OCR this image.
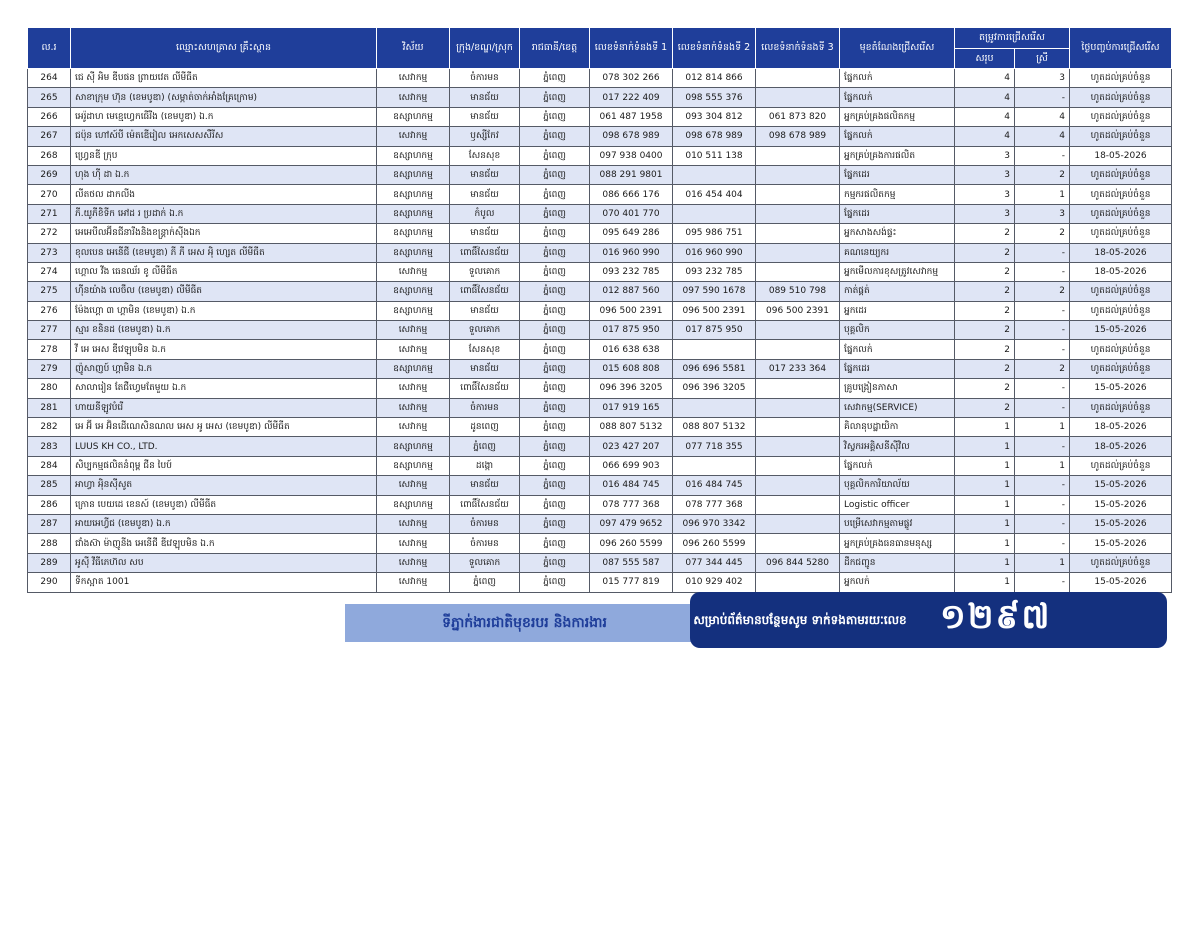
ល.រ	ឈ្មោះសហគ្រាស គ្រឹះស្ថាន	វិស័យ	ក្រុង/ខណ្ឌ/ស្រុក	រាជធានី/ខេត្ត	លេខទំនាក់ទំនងទី 1	លេខទំនាក់ទំនងទី 2	លេខទំនាក់ទំនងទី 3	មុខតំណែងជ្រើសរើស	តម្រូវការជ្រើសរើស		ថ្ងៃបញ្ចប់ការជ្រើសរើស
									សរុប	ស្រី	
264	ជេ ស៊ី អិម ឌីបផន ព្រាយវេត លីមីធីត	សេវាកម្ម	ចំការមន	ភ្នំពេញ	078 302 266	012 814 866		ផ្នែកលក់	4	3	ហូតដល់គ្រប់ចំនួន
265	សាខាក្រុម ហ៊ុន (ខេមបូឌា) (សម្ភាត់ចាក់អាំងគ្រែក្រោម)	សេវាកម្ម	មានជ័យ	ភ្នំពេញ	017 222 409	098 555 376		ផ្នែកលក់	4	-	ហូតដល់គ្រប់ចំនួន
266	អេរ៉ូដាហ មេខ្មេហ្វេកធើរីង (ខេមបូឌា) ឯ.ក	ឧស្សាហកម្ម	មានជ័យ	ភ្នំពេញ	061 487 1958	093 304 812	061 873 820	អ្នកគ្រប់គ្រងផលិតកម្ម	4	4	ហូតដល់គ្រប់ចំនួន
267	ជប៉ុន ហៅស៍បី ម៉េតឌើរៀល អេកសេសសឺរីស	សេវាកម្ម	ឫស្សីកែវ	ភ្នំពេញ	098 678 989	098 678 989	098 678 989	ផ្នែកលក់	4	4	ហូតដល់គ្រប់ចំនួន
268	ហ្វ្រេនឌី ក្រុប	ឧស្សាហកម្ម	សែនសុខ	ភ្នំពេញ	097 938 0400	010 511 138		អ្នកគ្រប់គ្រងការផលិត	3	-	18-05-2026
269	ហុង ហ៊ី ដា ឯ.ក	ឧស្សាហកម្ម	មានជ័យ	ភ្នំពេញ	088 291 9801			ផ្នែកដេរ	3	2	ហូតដល់គ្រប់ចំនួន
270	លីតថល ដាកលីង	ឧស្សាហកម្ម	មានជ័យ	ភ្នំពេញ	086 666 176	016 454 404		កម្មករផលិតកម្ម	3	1	ហូតដល់គ្រប់ចំនួន
271	ភី.យូភីខិទីក អៅដ រ ប្រដាក់ ឯ.ក	ឧស្សាហកម្ម	កំបូល	ភ្នំពេញ	070 401 770			ផ្នែកដេរ	3	3	ហូតដល់គ្រប់ចំនួន
272	អេអេបីលអ៊ីនជីនារីងនិងខន្ត្រាក់ស៊ីងឯក	ឧស្សាហកម្ម	មានជ័យ	ភ្នំពេញ	095 649 286	095 986 751		អ្នកសាងសង់ផ្ទះ	2	2	ហូតដល់គ្រប់ចំនួន
273	ខុលបេន អេនើជី (ខេមបូឌា) ភី ភី អេស អុិ ហ្សេត លីមីធីត	ឧស្សាហកម្ម	ពោធិ៍សែនជ័យ	ភ្នំពេញ	016 960 990	016 960 990		គណនេយ្យករ	2	-	18-05-2026
274	ហ្គោល វីង ធេនឈ័រ ខូ លីមីធីត	សេវាកម្ម	ទួលគោក	ភ្នំពេញ	093 232 785	093 232 785		អ្នកមើលការខុសត្រូវសេវាកម្ម	2	-	18-05-2026
275	ហ៊ីនយ៉ាង លេចឹល (ខេមបូឌា) លីមីធីត	ឧស្សាហកម្ម	ពោធិ៍សែនជ័យ	ភ្នំពេញ	012 887 560	097 590 1678	089 510 798	កាត់ផ្គត់	2	2	ហូតដល់គ្រប់ចំនួន
276	ម៉ែងហ្គោ ៣ ហ្គាមិន (ខេមបូឌា) ឯ.ក	ឧស្សាហកម្ម	មានជ័យ	ភ្នំពេញ	096 500 2391	096 500 2391	096 500 2391	អ្នកដេរ	2	-	ហូតដល់គ្រប់ចំនួន
277	ស្មារ ខនិនដ (ខេមបូឌា) ឯ.ក	សេវាកម្ម	ទួលគោក	ភ្នំពេញ	017 875 950	017 875 950		បុគ្គលិក	2	-	15-05-2026
278	វី អេ អេស ឌីវេឡុបមិន ឯ.ក	សេវាកម្ម	សែនសុខ	ភ្នំពេញ	016 638 638			ផ្នែកលក់	2	-	ហូតដល់គ្រប់ចំនួន
279	ញ៉ូសាញប៍ ហ្គាមិន ឯ.ក	ឧស្សាហកម្ម	មានជ័យ	ភ្នំពេញ	015 608 808	096 696 5581	017 233 364	ផ្នែកដេរ	2	2	ហូតដល់គ្រប់ចំនួន
280	សាលារៀន តែជឺហ្វេមតែមួយ ឯ.ក	សេវាកម្ម	ពោធិ៍សែនជ័យ	ភ្នំពេញ	096 396 3205	096 396 3205		គ្រូបង្រៀនភាសា	2	-	15-05-2026
281	ហាយនីឡូវបំរើ	សេវាកម្ម	ចំការមន	ភ្នំពេញ	017 919 165			សេវាកម្ម(SERVICE)	2	-	ហូតដល់គ្រប់ចំនួន
282	អេ អ៊ី អេ អ៊ិនដើណេសិនណល អេស អូ អេស (ខេមបូឌា) លីមីធីត	សេវាកម្ម	ដូនពេញ	ភ្នំពេញ	088 807 5132	088 807 5132		គិលានុបដ្ឋាយិកា	1	1	18-05-2026
283	LUUS KH CO., LTD.	ឧស្សាហកម្ម	ភ្នំពេញ	ភ្នំពេញ	023 427 207	077 718 355		វិស្វករអគ្គិសនីស៊ីវិល	1	-	18-05-2026
284	សិប្បកម្មផលិតនំពុម្ព ជីន បៃប៍	ឧស្សាហកម្ម	ដង្កោ	ភ្នំពេញ	066 699 903			ផ្នែកលក់	1	1	ហូតដល់គ្រប់ចំនួន
285	អាហ្វា អុិនស៊ីសូត	សេវាកម្ម	មានជ័យ	ភ្នំពេញ	016 484 745	016 484 745		បុគ្គលិកការិយាល័យ	1	-	15-05-2026
286	ក្រោន បេយដេ ខេនស៍ (ខេមបូឌា) លីមីធីត	ឧស្សាហកម្ម	ពោធិ៍សែនជ័យ	ភ្នំពេញ	078 777 368	078 777 368		Logistic officer	1	-	15-05-2026
287	អាយអេហ្វីជ (ខេមបូឌា) ឯ.ក	សេវាកម្ម	ចំការមន	ភ្នំពេញ	097 479 9652	096 970 3342		បម្រើសេវាកម្មតាមផ្លូវ	1	-	15-05-2026
288	ជាំងស៊ា ម៉ាញូនីង អេនើជី ឌីវេឡុបមិន ឯ.ក	សេវាកម្ម	ចំការមន	ភ្នំពេញ	096 260 5599	096 260 5599		អ្នកគ្រប់គ្រងធនធានមនុស្ស	1	-	15-05-2026
289	អូស៊ី វីធីភេហ៊ល សប	សេវាកម្ម	ទួលគោក	ភ្នំពេញ	087 555 587	077 344 445	096 844 5280	ដឹកជញ្ជូន	1	1	ហូតដល់គ្រប់ចំនួន
290	ទីកស្អាត 1001	សេវាកម្ម	ភ្នំពេញ	ភ្នំពេញ	015 777 819	010 929 402		អ្នកលក់	1	-	15-05-2026
ទីភ្នាក់ងារជាតិមុខរបរ និងការងារ	សម្រាប់ព័ត៌មានបន្ថែមសូម ទាក់ទងតាមរយៈលេខ ១២៩៧
